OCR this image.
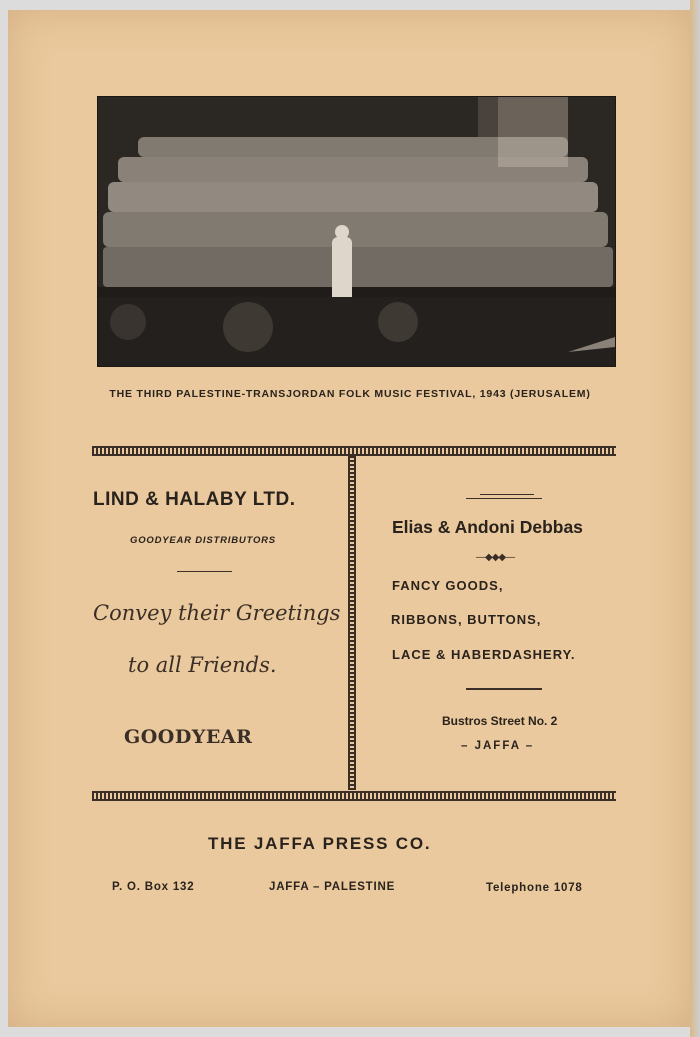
THE THIRD PALESTINE-TRANSJORDAN FOLK MUSIC FESTIVAL, 1943 (JERUSALEM)
LIND & HALABY LTD.
GOODYEAR DISTRIBUTORS
Convey their Greetings
to all Friends.
GOODYEAR
Elias & Andoni Debbas
—◆◆◆—
FANCY GOODS,
RIBBONS, BUTTONS,
LACE & HABERDASHERY.
Bustros Street No. 2
– JAFFA –
THE JAFFA PRESS CO.
P. O. Box 132	JAFFA – PALESTINE	Telephone 1078
